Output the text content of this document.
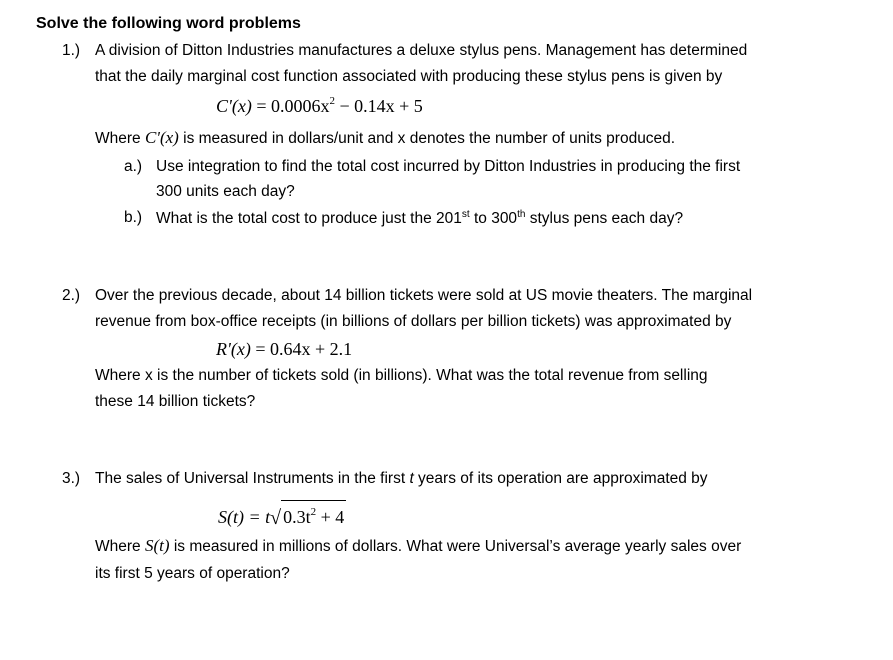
Solve the following word problems
1.) A division of Ditton Industries manufactures a deluxe stylus pens. Management has determined
that the daily marginal cost function associated with producing these stylus pens is given by
$C'(x) = 0.0006x^2 - 0.14x + 5$
Where C'(x) is measured in dollars/unit and x denotes the number of units produced.
a.) Use integration to find the total cost incurred by Ditton Industries in producing the first
300 units each day?
b.) What is the total cost to produce just the 201st to 300th stylus pens each day?
2.) Over the previous decade, about 14 billion tickets were sold at US movie theaters. The marginal
revenue from box-office receipts (in billions of dollars per billion tickets) was approximated by
R'(x) = 0.64x + 2.1
Where x is the number of tickets sold (in billions). What was the total revenue from selling
these 14 billion tickets?
3.) The sales of Universal Instruments in the first t years of its operation are approximated by
S(t) = t√ $0.3t^2 + 4$
Where S(t) is measured in millions of dollars. What were Universal’s average yearly sales over
its first 5 years of operation?
